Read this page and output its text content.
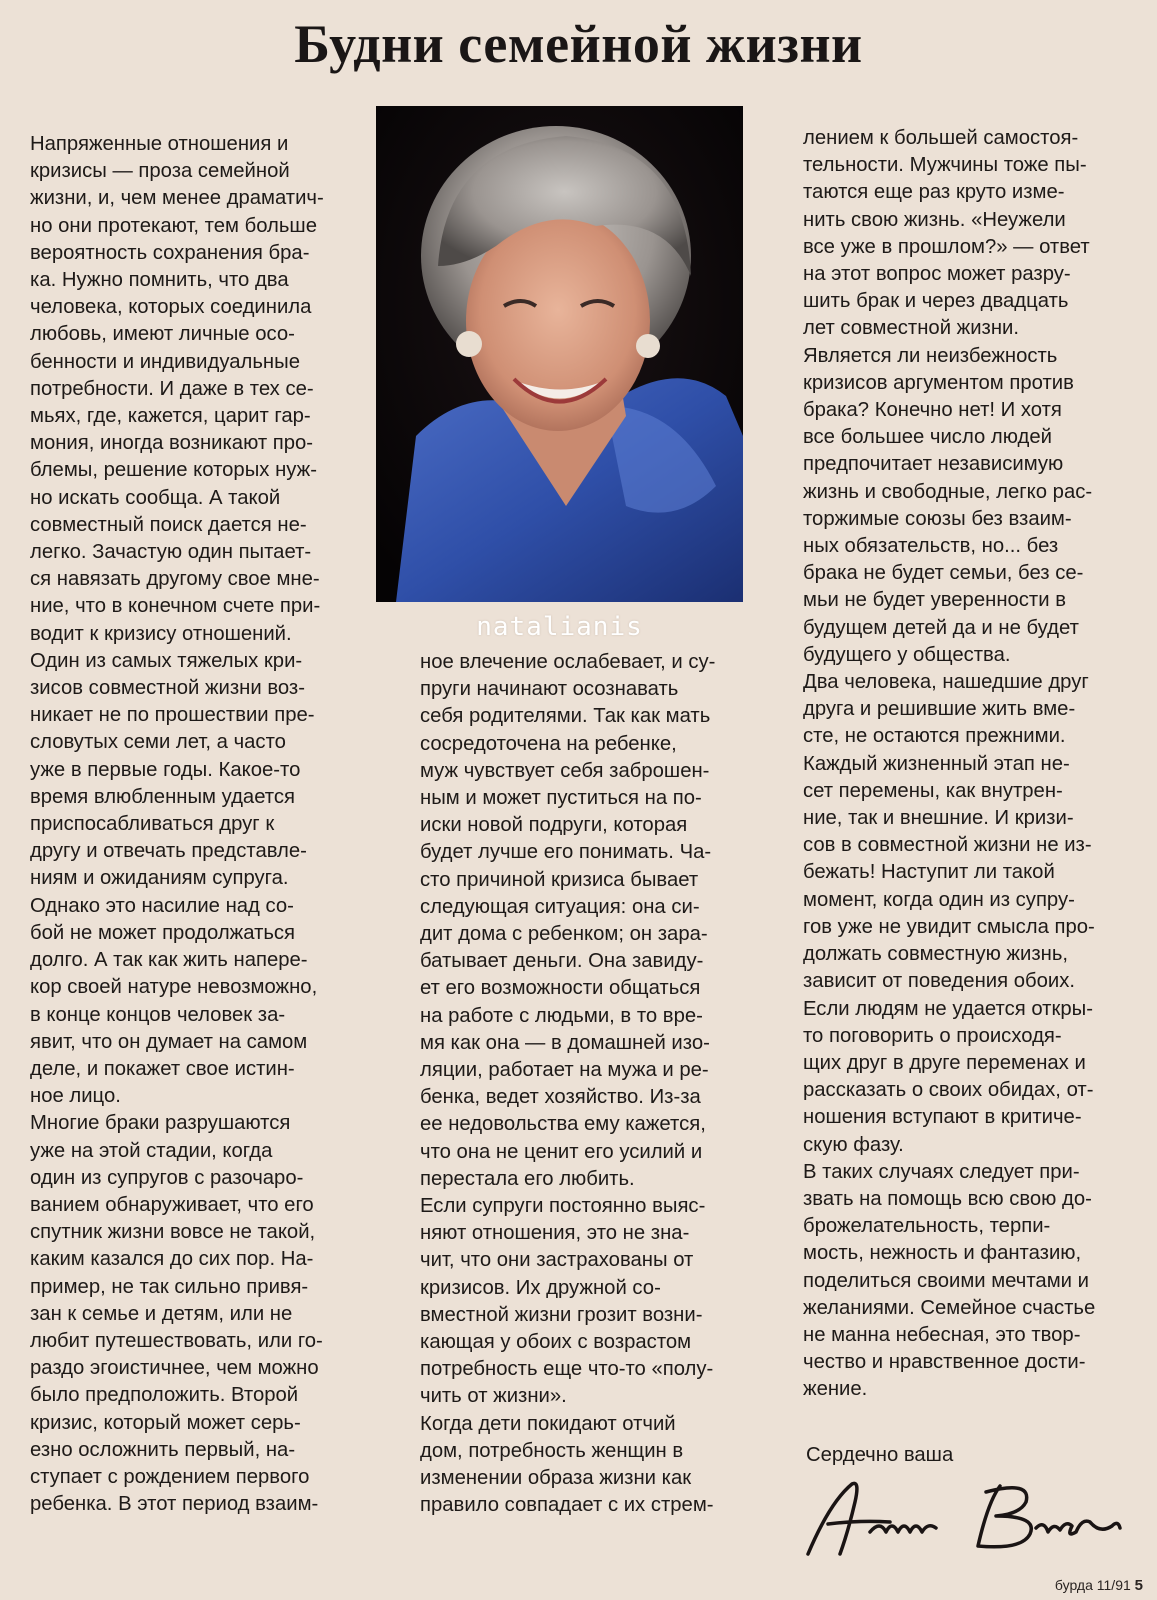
Будни семейной жизни
Напряженные отношения и
кризисы — проза семейной
жизни, и, чем менее драматич-
но они протекают, тем больше
вероятность сохранения бра-
ка. Нужно помнить, что два
человека, которых соединила
любовь, имеют личные осо-
бенности и индивидуальные
потребности. И даже в тех се-
мьях, где, кажется, царит гар-
мония, иногда возникают про-
блемы, решение которых нуж-
но искать сообща. А такой
совместный поиск дается не-
легко. Зачастую один пытает-
ся навязать другому свое мне-
ние, что в конечном счете при-
водит к кризису отношений.
Один из самых тяжелых кри-
зисов совместной жизни воз-
никает не по прошествии пре-
словутых семи лет, а часто
уже в первые годы. Какое-то
время влюбленным удается
приспосабливаться друг к
другу и отвечать представле-
ниям и ожиданиям супруга.
Однако это насилие над со-
бой не может продолжаться
долго. А так как жить напере-
кор своей натуре невозможно,
в конце концов человек за-
явит, что он думает на самом
деле, и покажет свое истин-
ное лицо.
Многие браки разрушаются
уже на этой стадии, когда
один из супругов с разочаро-
ванием обнаруживает, что его
спутник жизни вовсе не такой,
каким казался до сих пор. На-
пример, не так сильно привя-
зан к семье и детям, или не
любит путешествовать, или го-
раздо эгоистичнее, чем можно
было предположить. Второй
кризис, который может серь-
езно осложнить первый, на-
ступает с рождением первого
ребенка. В этот период взаим-
natalianis
ное влечение ослабевает, и су-
пруги начинают осознавать
себя родителями. Так как мать
сосредоточена на ребенке,
муж чувствует себя заброшен-
ным и может пуститься на по-
иски новой подруги, которая
будет лучше его понимать. Ча-
сто причиной кризиса бывает
следующая ситуация: она си-
дит дома с ребенком; он зара-
батывает деньги. Она завиду-
ет его возможности общаться
на работе с людьми, в то вре-
мя как она — в домашней изо-
ляции, работает на мужа и ре-
бенка, ведет хозяйство. Из-за
ее недовольства ему кажется,
что она не ценит его усилий и
перестала его любить.
Если супруги постоянно выяс-
няют отношения, это не зна-
чит, что они застрахованы от
кризисов. Их дружной со-
вместной жизни грозит возни-
кающая у обоих с возрастом
потребность еще что-то «полу-
чить от жизни».
Когда дети покидают отчий
дом, потребность женщин в
изменении образа жизни как
правило совпадает с их стрем-
лением к большей самостоя-
тельности. Мужчины тоже пы-
таются еще раз круто изме-
нить свою жизнь. «Неужели
все уже в прошлом?» — ответ
на этот вопрос может разру-
шить брак и через двадцать
лет совместной жизни.
Является ли неизбежность
кризисов аргументом против
брака? Конечно нет! И хотя
все большее число людей
предпочитает независимую
жизнь и свободные, легко рас-
торжимые союзы без взаим-
ных обязательств, но... без
брака не будет семьи, без се-
мьи не будет уверенности в
будущем детей да и не будет
будущего у общества.
Два человека, нашедшие друг
друга и решившие жить вме-
сте, не остаются прежними.
Каждый жизненный этап не-
сет перемены, как внутрен-
ние, так и внешние. И кризи-
сов в совместной жизни не из-
бежать! Наступит ли такой
момент, когда один из супру-
гов уже не увидит смысла про-
должать совместную жизнь,
зависит от поведения обоих.
Если людям не удается откры-
то поговорить о происходя-
щих друг в друге переменах и
рассказать о своих обидах, от-
ношения вступают в критиче-
скую фазу.
В таких случаях следует при-
звать на помощь всю свою до-
брожелательность, терпи-
мость, нежность и фантазию,
поделиться своими мечтами и
желаниями. Семейное счастье
не манна небесная, это твор-
чество и нравственное дости-
жение.
Сердечно ваша
бурда 11/91 5
